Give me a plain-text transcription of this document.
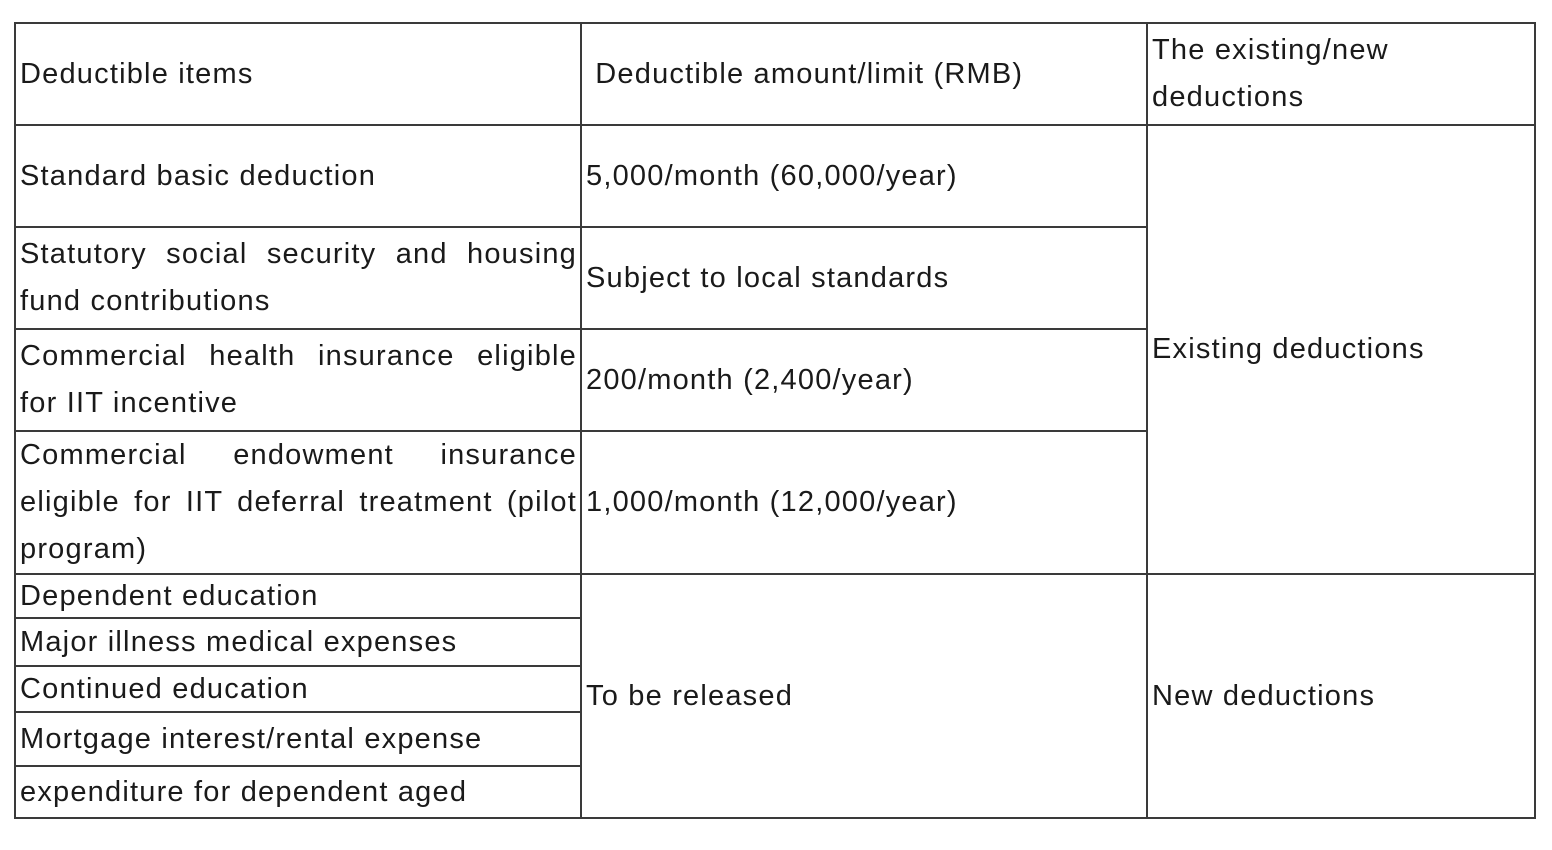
Deductible items	Deductible amount/limit (RMB)	The existing/new deductions
Standard basic deduction	5,000/month (60,000/year)	Existing deductions
Statutory social security and housing fund contributions	Subject to local standards	
Commercial health insurance eligible for IIT incentive	200/month (2,400/year)	
Commercial endowment insurance eligible for IIT deferral treatment (pilot program)	1,000/month (12,000/year)	
Dependent education	To be released	New deductions
Major illness medical expenses		
Continued education		
Mortgage interest/rental expense		
expenditure for dependent aged		
